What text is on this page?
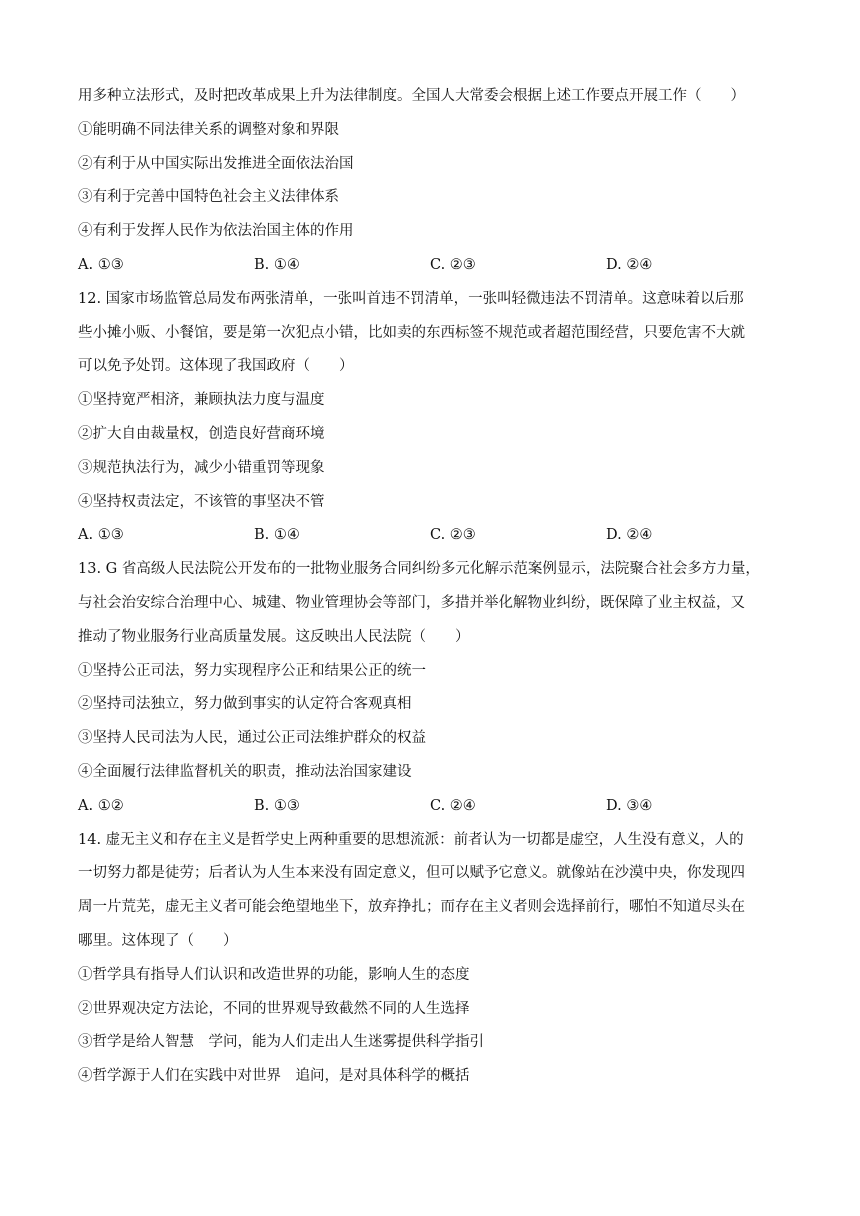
用多种立法形式，及时把改革成果上升为法律制度。全国人大常委会根据上述工作要点开展工作（　　）
①能明确不同法律关系的调整对象和界限
②有利于从中国实际出发推进全面依法治国
③有利于完善中国特色社会主义法律体系
④有利于发挥人民作为依法治国主体的作用
A. ①③	B. ①④	C. ②③	D. ②④
12. 国家市场监管总局发布两张清单，一张叫首违不罚清单，一张叫轻微违法不罚清单。这意味着以后那
些小摊小贩、小餐馆，要是第一次犯点小错，比如卖的东西标签不规范或者超范围经营，只要危害不大就
可以免予处罚。这体现了我国政府（　　）
①坚持宽严相济，兼顾执法力度与温度
②扩大自由裁量权，创造良好营商环境
③规范执法行为，减少小错重罚等现象
④坚持权责法定，不该管的事坚决不管
A. ①③	B. ①④	C. ②③	D. ②④
13. G 省高级人民法院公开发布的一批物业服务合同纠纷多元化解示范案例显示，法院聚合社会多方力量，
与社会治安综合治理中心、城建、物业管理协会等部门，多措并举化解物业纠纷，既保障了业主权益，又
推动了物业服务行业高质量发展。这反映出人民法院（　　）
①坚持公正司法，努力实现程序公正和结果公正的统一
②坚持司法独立，努力做到事实的认定符合客观真相
③坚持人民司法为人民，通过公正司法维护群众的权益
④全面履行法律监督机关的职责，推动法治国家建设
A. ①②	B. ①③	C. ②④	D. ③④
14. 虚无主义和存在主义是哲学史上两种重要的思想流派：前者认为一切都是虚空，人生没有意义，人的
一切努力都是徒劳；后者认为人生本来没有固定意义，但可以赋予它意义。就像站在沙漠中央，你发现四
周一片荒芜，虚无主义者可能会绝望地坐下，放弃挣扎；而存在主义者则会选择前行，哪怕不知道尽头在
哪里。这体现了（　　）
①哲学具有指导人们认识和改造世界的功能，影响人生的态度
②世界观决定方法论，不同的世界观导致截然不同的人生选择
③哲学是给人智慧　学问，能为人们走出人生迷雾提供科学指引
④哲学源于人们在实践中对世界　追问，是对具体科学的概括
